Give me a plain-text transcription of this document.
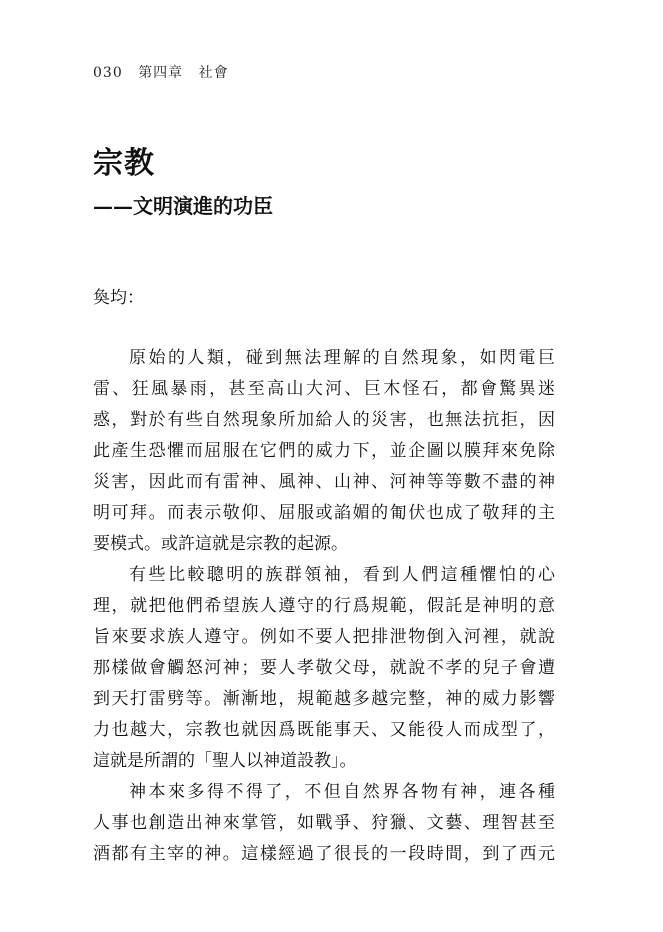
030 第四章 社會
宗教
——文明演進的功臣

奐均：

原始的人類，碰到無法理解的自然現象，如閃電巨
雷、狂風暴雨，甚至高山大河、巨木怪石，都會驚異迷
惑，對於有些自然現象所加給人的災害，也無法抗拒，因
此產生恐懼而屈服在它們的威力下，並企圖以膜拜來免除
災害，因此而有雷神、風神、山神、河神等等數不盡的神
明可拜。而表示敬仰、屈服或諂媚的匍伏也成了敬拜的主
要模式。或許這就是宗教的起源。
有些比較聰明的族群領袖，看到人們這種懼怕的心
理，就把他們希望族人遵守的行爲規範，假託是神明的意
旨來要求族人遵守。例如不要人把排泄物倒入河裡，就說
那樣做會觸怒河神；要人孝敬父母，就說不孝的兒子會遭
到天打雷劈等。漸漸地，規範越多越完整，神的威力影響
力也越大，宗教也就因爲既能事天、又能役人而成型了，
這就是所謂的「聖人以神道設教」。
神本來多得不得了，不但自然界各物有神，連各種
人事也創造出神來掌管，如戰爭、狩獵、文藝、理智甚至
酒都有主宰的神。這樣經過了很長的一段時間，到了西元
